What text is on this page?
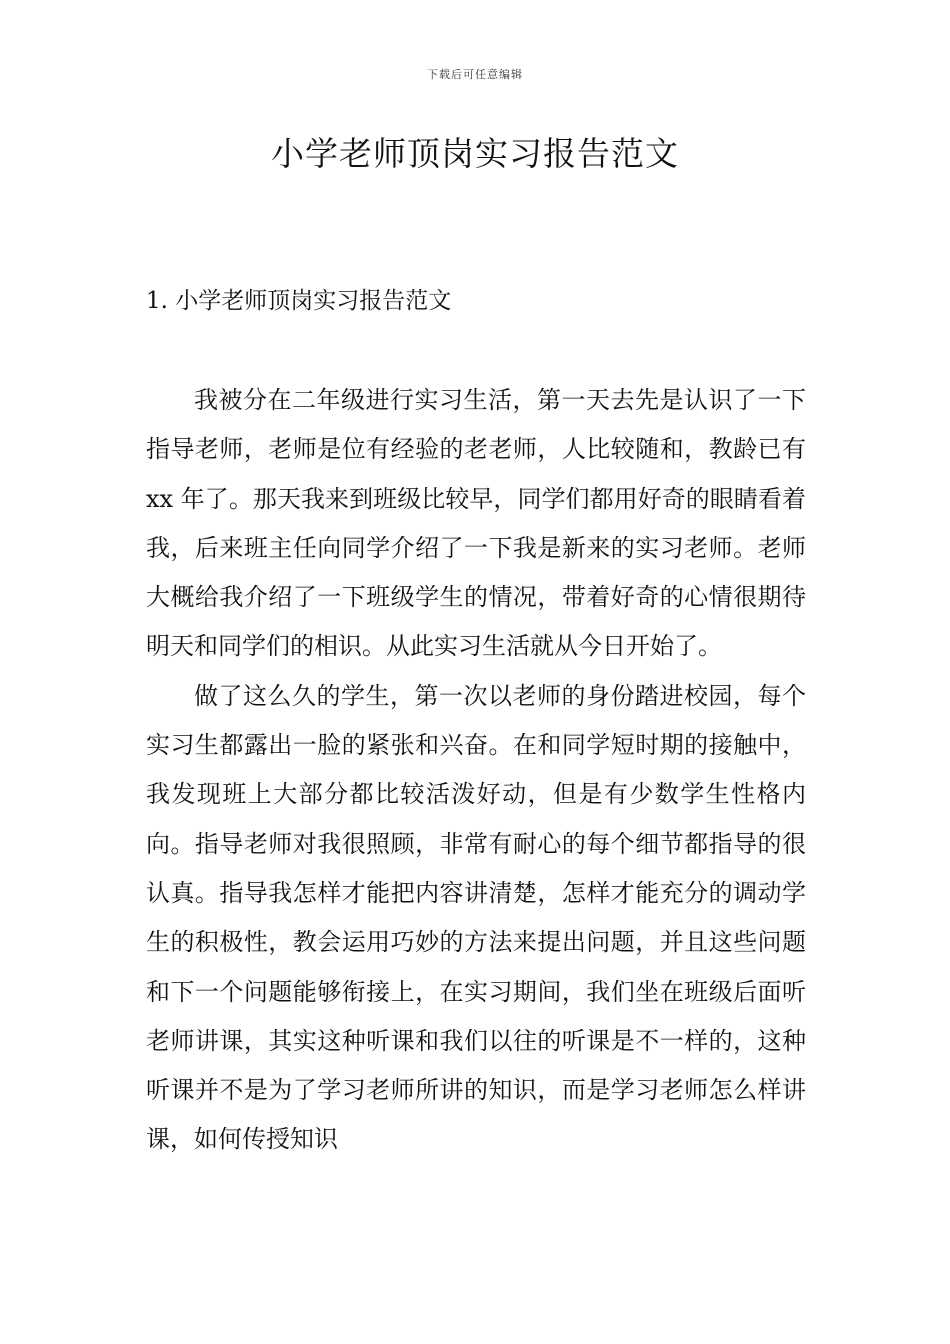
下载后可任意编辑
小学老师顶岗实习报告范文
1. 小学老师顶岗实习报告范文

我被分在二年级进行实习生活，第一天去先是认识了一下指导老师，老师是位有经验的老老师，人比较随和，教龄已有 xx 年了。那天我来到班级比较早，同学们都用好奇的眼睛看着我，后来班主任向同学介绍了一下我是新来的实习老师。老师大概给我介绍了一下班级学生的情况，带着好奇的心情很期待明天和同学们的相识。从此实习生活就从今日开始了。

做了这么久的学生，第一次以老师的身份踏进校园，每个实习生都露出一脸的紧张和兴奋。在和同学短时期的接触中，我发现班上大部分都比较活泼好动，但是有少数学生性格内向。指导老师对我很照顾，非常有耐心的每个细节都指导的很认真。指导我怎样才能把内容讲清楚，怎样才能充分的调动学生的积极性，教会运用巧妙的方法来提出问题，并且这些问题和下一个问题能够衔接上，在实习期间，我们坐在班级后面听老师讲课，其实这种听课和我们以往的听课是不一样的，这种听课并不是为了学习老师所讲的知识，而是学习老师怎么样讲课，如何传授知识
